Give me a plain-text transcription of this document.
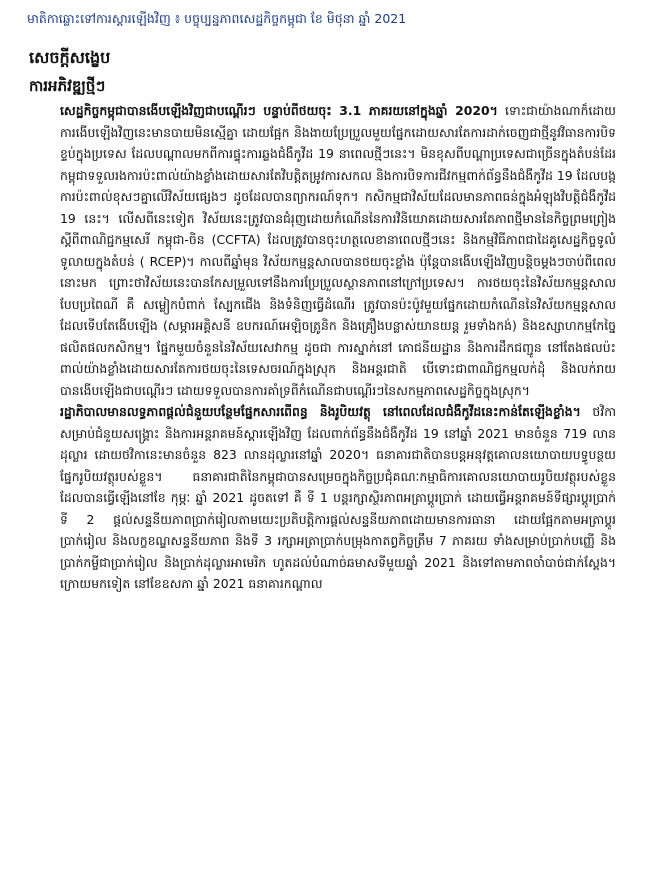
មាតិកាឆ្លោះទៅការស្តារឡើងវិញ ៖ បច្ចុប្បន្នភាពសេដ្ឋកិច្ចកម្ពុជា ខែ មិថុនា ឆ្នាំ 2021
សេចក្ដីសង្ខេប
ការអភិវឌ្ឍថ្មីៗ

សេដ្ឋកិច្ចកម្ពុជាបានងើបឡើងវិញជាបណ្ដើរៗ បន្ទាប់ពីថយចុះ 3.1 ភាគរយនៅក្នុងឆ្នាំ 2020។ ទោះជាយ៉ាងណាក៏ដោយ ការងើបឡើងវិញនេះមានបាយមិនស្មើគ្នា ដោយផ្អែក និងងាយប្រែប្រួលមួយផ្នែកដោយសារតែការដាក់ចេញជាថ្មីនូវវិធានការបិទខ្ទប់ក្នុងប្រទេស ដែលបណ្ដាលមកពីការផ្ទុះការឆ្លងជំងឺកូវីដ 19 នាពេលថ្មីៗនេះ។ មិនខុសពីបណ្ដាប្រទេសជាច្រើនក្នុងតំបន់ដែរ កម្ពុជាទទួលរងការប៉ះពាល់យ៉ាងខ្លាំងដោយសារតែវិបត្តិតម្រូវការសកល និងការបិទការជីវកម្មពាក់ព័ន្ធនឹងជំងឺកូវីដ 19 ដែលបង្កការប៉ះពាល់ខុសៗគ្នាលើវិស័យផ្សេងៗ ដូចដែលបានព្យាករណ៍ទុក។ កសិកម្មជាវិស័យដែលមានភាពធន់ក្នុងអំឡុងវិបត្តិជំងឺកូវីដ 19 នេះ។ លើសពីនេះទៀត វិស័យនេះត្រូវបានជំរុញដោយកំណើននៃការវិនិយោគដោយសារតែភាពថ្មីមាននៃកិច្ចព្រមព្រៀងស្ដីពីពាណិជ្ជកម្មសេរី កម្ពុជា-ចិន (CCFTA) ដែលត្រូវបានចុះហត្ថលេខានាពេលថ្មីៗនេះ និងកម្មវិធីភាពជាដៃគូសេដ្ឋកិច្ចទូលំទូលាយក្នុងតំបន់ ( RCEP)។ កាលពីឆ្នាំមុន វិស័យកម្មន្តសាលបានថយចុះខ្លាំង ប៉ុន្តែបានងើបឡើងវិញបន្តិចម្ដងៗចាប់ពីពេលនោះមក ព្រោះថាវិស័យនេះបានកែសម្រួលទៅនឹងការប្រែប្រួលស្ថានភាពនៅក្រៅប្រទេស។ ការថយចុះនៃវិស័យកម្មន្តសាលបែបប្រពៃណី គឺ សម្លៀកបំពាក់ ស្បែកជើង និងទំនិញធ្វើដំណើរ ត្រូវបានប៉ះប៉ូវមួយផ្នែកដោយកំណើននៃវិស័យកម្មន្តសាលដែលទើបតែងើបឡើង (សម្ភារអគ្គិសនី ឧបករណ៍អេឡិចត្រូនិក និងគ្រឿងបន្លាស់យានយន្ត រួមទាំងកង់) និងឧស្សាហកម្មកែច្នៃផលិតផលកសិកម្ម។ ផ្នែកមួយចំនួននៃវិស័យសេវាកម្ម ដូចជា ការស្នាក់នៅ ភោជនីយដ្ឋាន និងការដឹកជញ្ជូន នៅតែងផលប៉ះពាល់យ៉ាងខ្លាំងដោយសារតែការថយចុះនៃទេសចរណ៍ក្នុងស្រុក និងអន្តរជាតិ បើទោះជាពាណិជ្ជកម្មលក់ដុំ និងលក់រាយ បានងើបឡើងជាបណ្ដើរៗ ដោយទទួលបានការគាំទ្រពីកំណើនជាបណ្ដើរៗនៃសកម្មភាពសេដ្ឋកិច្ចក្នុងស្រុក។

រដ្ឋាភិបាលមានលទ្ធភាពផ្ដល់ជំនួយបន្ថែមផ្នែកសារពើពន្ធ និងរូបិយវត្ថុ នៅពេលដែលជំងឺកូវីដនេះកាន់តែឡើងខ្លាំង។ ថវិកាសម្រាប់ជំនួយសង្គ្រោះ និងការអន្តរាគមន៍ស្ដារឡើងវិញ ដែលពាក់ព័ន្ធនឹងជំងឺកូវីដ 19 នៅឆ្នាំ 2021 មានចំនួន 719 លានដុល្លារ ដោយថវិកានេះមានចំនួន 823 លានដុល្លារនៅឆ្នាំ 2020។ ធនាគារជាតិបានបន្តអនុវត្តគោលនយោបាយបទ្ធូបន្ថយផ្នែករូបិយវត្ថុរបស់ខ្លួន។ ធនាគារជាតិនៃកម្ពុជាបានសម្រេចក្នុងកិច្ចប្រជុំគណៈកម្មាធិការគោលនយោបាយរូបិយវត្ថុរបស់ខ្លួន ដែលបានធ្វើឡើងនៅខែ កុម្ភៈ ឆ្នាំ 2021 ដូចតទៅ គឺ ទី 1 បន្តរក្សាស្ថិរភាពអត្រាប្ដូរប្រាក់ ដោយធ្វើអន្តរាគមន៍ទីផ្សារប្ដូរប្រាក់ ទី 2 ផ្ដល់សន្ទនីយភាពប្រាក់រៀលតាមយេះប្រតិបត្តិការផ្ដល់សន្ទនីយភាពដោយមានការធានា ដោយផ្អែកតាមអត្រាប្ដូរប្រាក់រៀល និងលក្ខខណ្ឌសន្ទនីយភាព និងទី 3 រក្សាអត្រាប្រាក់បម្រុងកាតព្វកិច្ចត្រឹម 7 ភាគរយ ទាំងសម្រាប់ប្រាក់បញ្ញើ និងប្រាក់កម្ចីជាប្រាក់រៀល និងប្រាក់ដុល្លារអាមេរិក ហូតដល់បំណាច់ឆមាសទីមួយឆ្នាំ 2021 និងទៅតាមភាពចាំបាច់ជាក់ស្ដែង។ ក្រោយមកទៀត នៅខែឧសភា ឆ្នាំ 2021 ធនាគារកណ្ដាល
